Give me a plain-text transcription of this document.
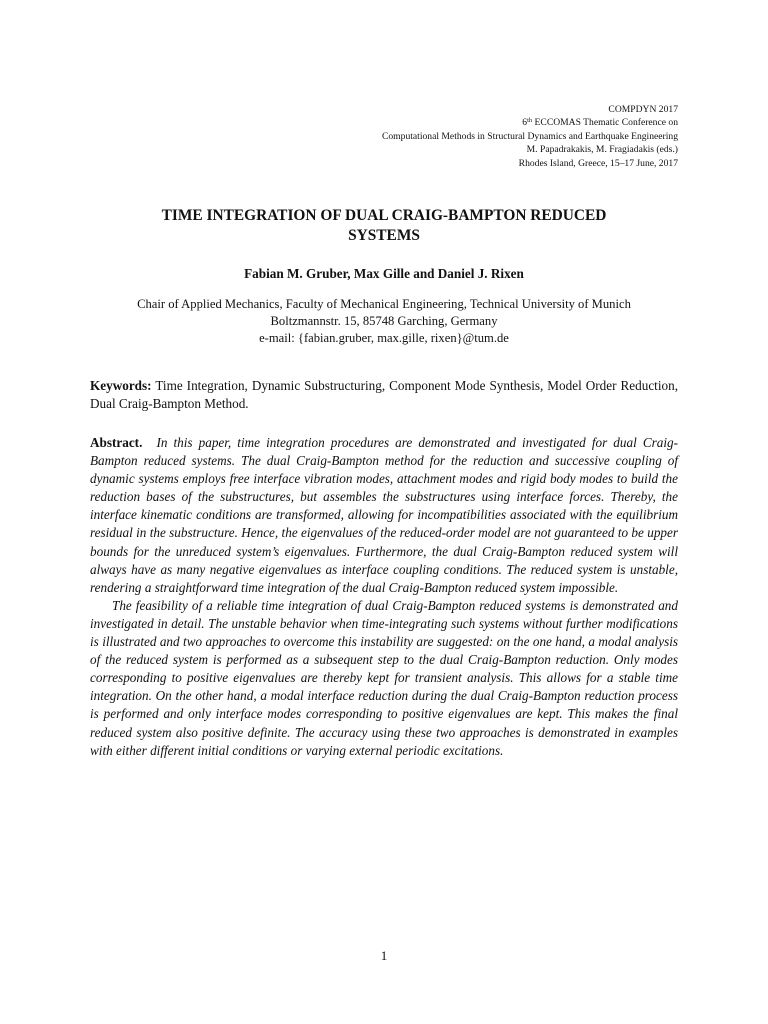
COMPDYN 2017
6th ECCOMAS Thematic Conference on
Computational Methods in Structural Dynamics and Earthquake Engineering
M. Papadrakakis, M. Fragiadakis (eds.)
Rhodes Island, Greece, 15–17 June, 2017
TIME INTEGRATION OF DUAL CRAIG-BAMPTON REDUCED
SYSTEMS
Fabian M. Gruber, Max Gille and Daniel J. Rixen
Chair of Applied Mechanics, Faculty of Mechanical Engineering, Technical University of Munich
Boltzmannstr. 15, 85748 Garching, Germany
e-mail: {fabian.gruber, max.gille, rixen}@tum.de
Keywords: Time Integration, Dynamic Substructuring, Component Mode Synthesis, Model Order Reduction, Dual Craig-Bampton Method.

Abstract. In this paper, time integration procedures are demonstrated and investigated for dual Craig-Bampton reduced systems. The dual Craig-Bampton method for the reduction and successive coupling of dynamic systems employs free interface vibration modes, attachment modes and rigid body modes to build the reduction bases of the substructures, but assembles the substructures using interface forces. Thereby, the interface kinematic conditions are transformed, allowing for incompatibilities associated with the equilibrium residual in the substructure. Hence, the eigenvalues of the reduced-order model are not guaranteed to be upper bounds for the unreduced system’s eigenvalues. Furthermore, the dual Craig-Bampton reduced system will always have as many negative eigenvalues as interface coupling conditions. The reduced system is unstable, rendering a straightforward time integration of the dual Craig-Bampton reduced system impossible.

The feasibility of a reliable time integration of dual Craig-Bampton reduced systems is demonstrated and investigated in detail. The unstable behavior when time-integrating such systems without further modifications is illustrated and two approaches to overcome this instability are suggested: on the one hand, a modal analysis of the reduced system is performed as a subsequent step to the dual Craig-Bampton reduction. Only modes corresponding to positive eigenvalues are thereby kept for transient analysis. This allows for a stable time integration. On the other hand, a modal interface reduction during the dual Craig-Bampton reduction process is performed and only interface modes corresponding to positive eigenvalues are kept. This makes the final reduced system also positive definite. The accuracy using these two approaches is demonstrated in examples with either different initial conditions or varying external periodic excitations.

1
